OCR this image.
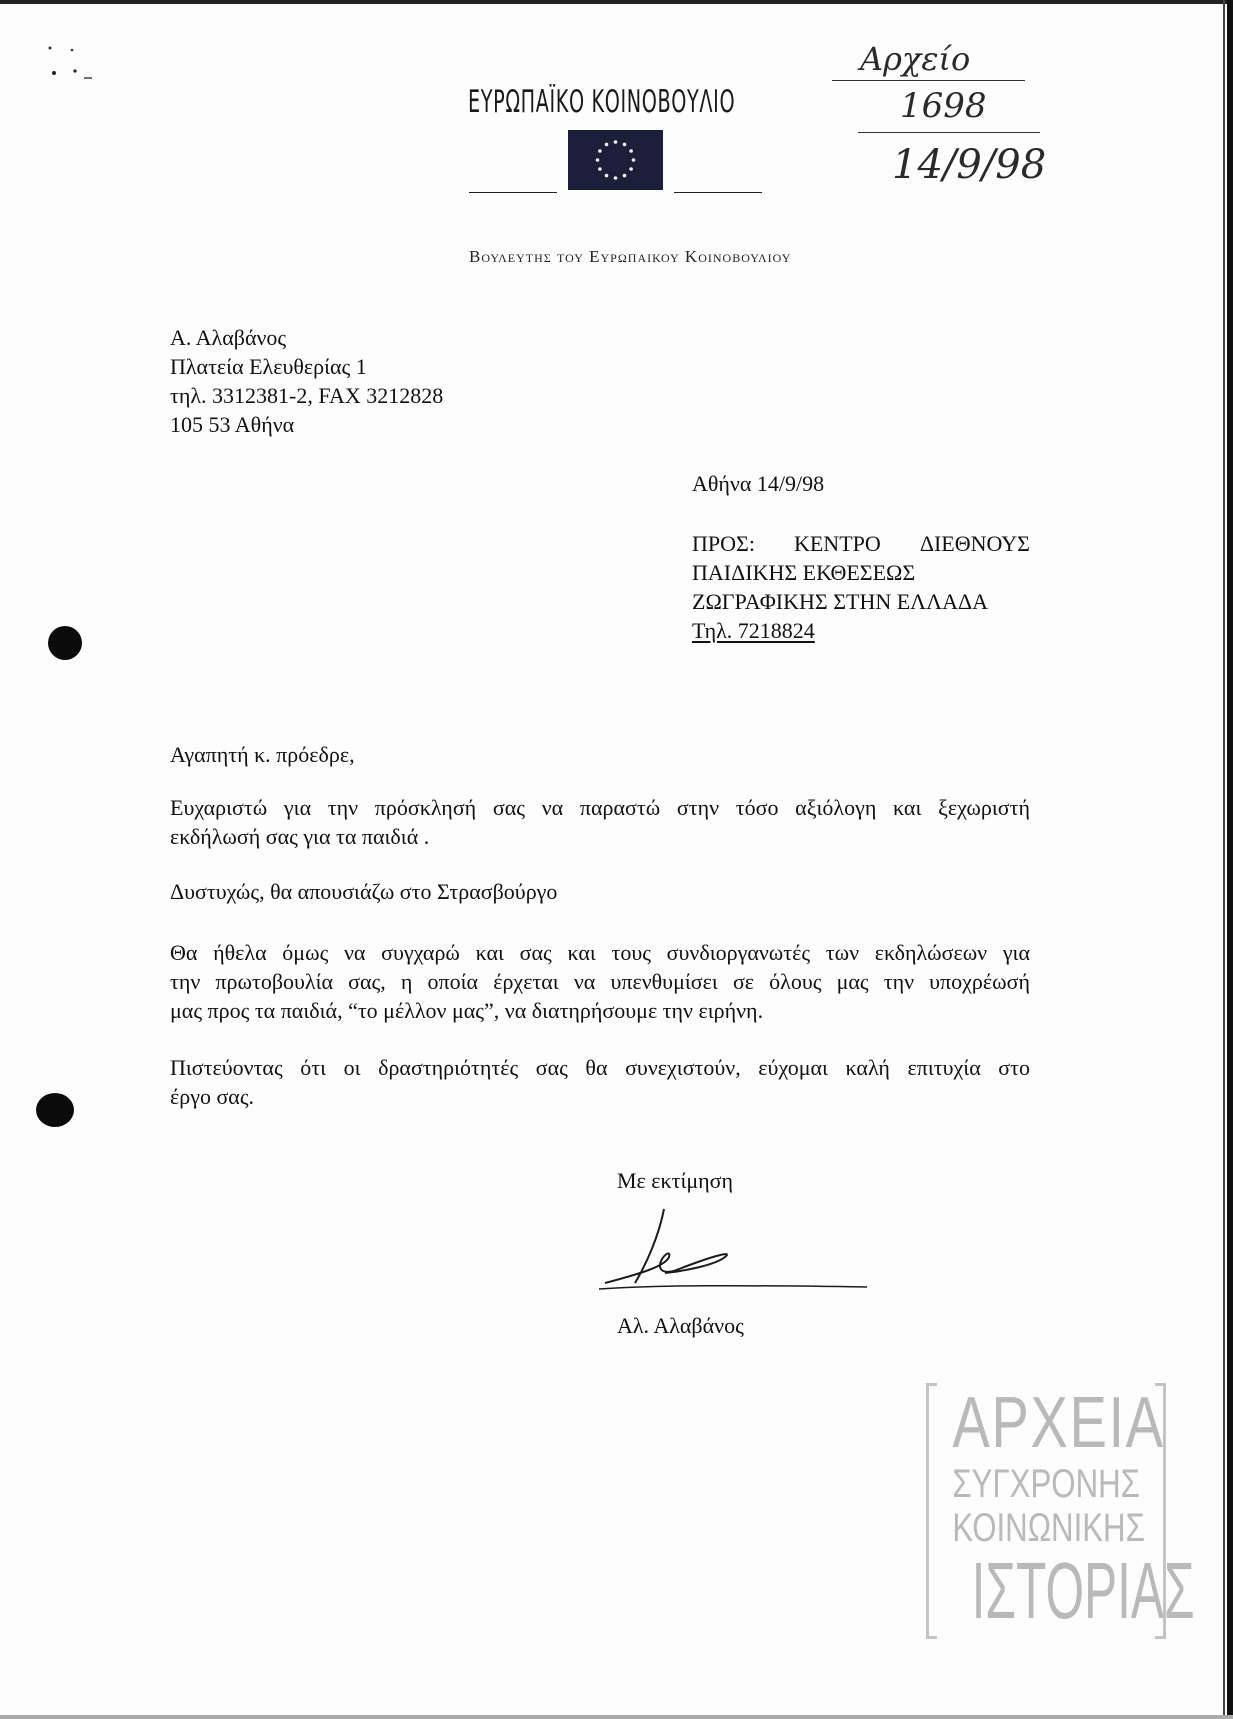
ΕΥΡΩΠΑΪΚΟ ΚΟΙΝΟΒΟΥΛΙΟ
Αρχείο
1698
14/9/98
Βουλευτης του Ευρωπαικου Κοινοβουλιου
Α. Αλαβάνος
Πλατεία Ελευθερίας 1
τηλ. 3312381-2, FAX 3212828
105 53 Αθήνα
Αθήνα 14/9/98
ΠΡΟΣ: ΚΕΝΤΡΟ ΔΙΕΘΝΟΥΣ
ΠΑΙΔΙΚΗΣ ΕΚΘΕΣΕΩΣ
ΖΩΓΡΑΦΙΚΗΣ ΣΤΗΝ ΕΛΛΑΔΑ
Τηλ. 7218824
Αγαπητή κ. πρόεδρε,
Ευχαριστώ για την πρόσκλησή σας να παραστώ στην τόσο αξιόλογη και ξεχωριστή
εκδήλωσή σας για τα παιδιά .
Δυστυχώς, θα απουσιάζω στο Στρασβούργο
Θα ήθελα όμως να συγχαρώ και σας και τους συνδιοργανωτές των εκδηλώσεων για
την πρωτοβουλία σας, η οποία έρχεται να υπενθυμίσει σε όλους μας την υποχρέωσή
μας προς τα παιδιά, “το μέλλον μας”, να διατηρήσουμε την ειρήνη.
Πιστεύοντας ότι οι δραστηριότητές σας θα συνεχιστούν, εύχομαι καλή επιτυχία στο
έργο σας.
Με εκτίμηση
Αλ. Αλαβάνος
ΑΡΧΕΙΑ
ΣΥΓΧΡΟΝΗΣ
ΚΟΙΝΩΝΙΚΗΣ
ΙΣΤΟΡΙΑΣ
